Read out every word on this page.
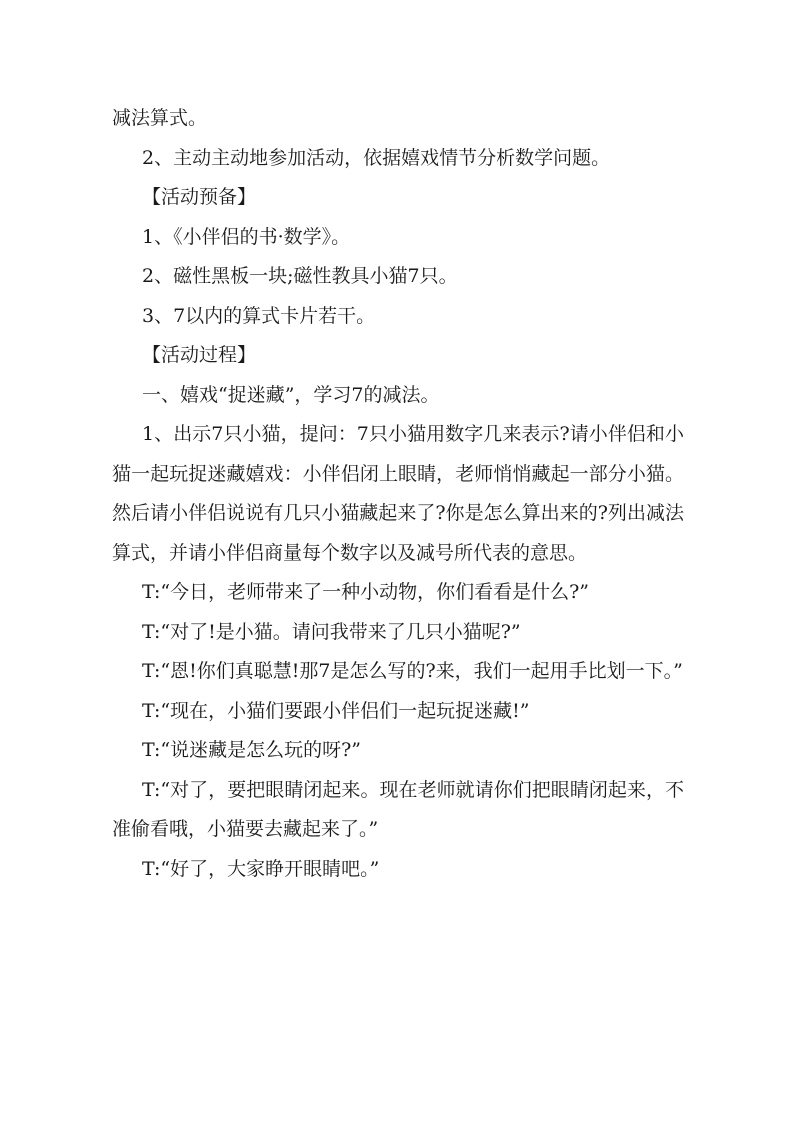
减法算式。

2、主动主动地参加活动，依据嬉戏情节分析数学问题。

【活动预备】

1、《小伴侣的书·数学》。

2、磁性黑板一块;磁性教具小猫7只。

3、7以内的算式卡片若干。

【活动过程】

一、嬉戏“捉迷藏”，学习7的减法。

1、出示7只小猫，提问：7只小猫用数字几来表示?请小伴侣和小猫一起玩捉迷藏嬉戏：小伴侣闭上眼睛，老师悄悄藏起一部分小猫。然后请小伴侣说说有几只小猫藏起来了?你是怎么算出来的?列出减法算式，并请小伴侣商量每个数字以及减号所代表的意思。

T:“今日，老师带来了一种小动物，你们看看是什么?”

T:“对了!是小猫。请问我带来了几只小猫呢?”

T:“恩!你们真聪慧!那7是怎么写的?来，我们一起用手比划一下。”

T:“现在，小猫们要跟小伴侣们一起玩捉迷藏!”

T:“说迷藏是怎么玩的呀?”

T:“对了，要把眼睛闭起来。现在老师就请你们把眼睛闭起来，不准偷看哦，小猫要去藏起来了。”

T:“好了，大家睁开眼睛吧。”
